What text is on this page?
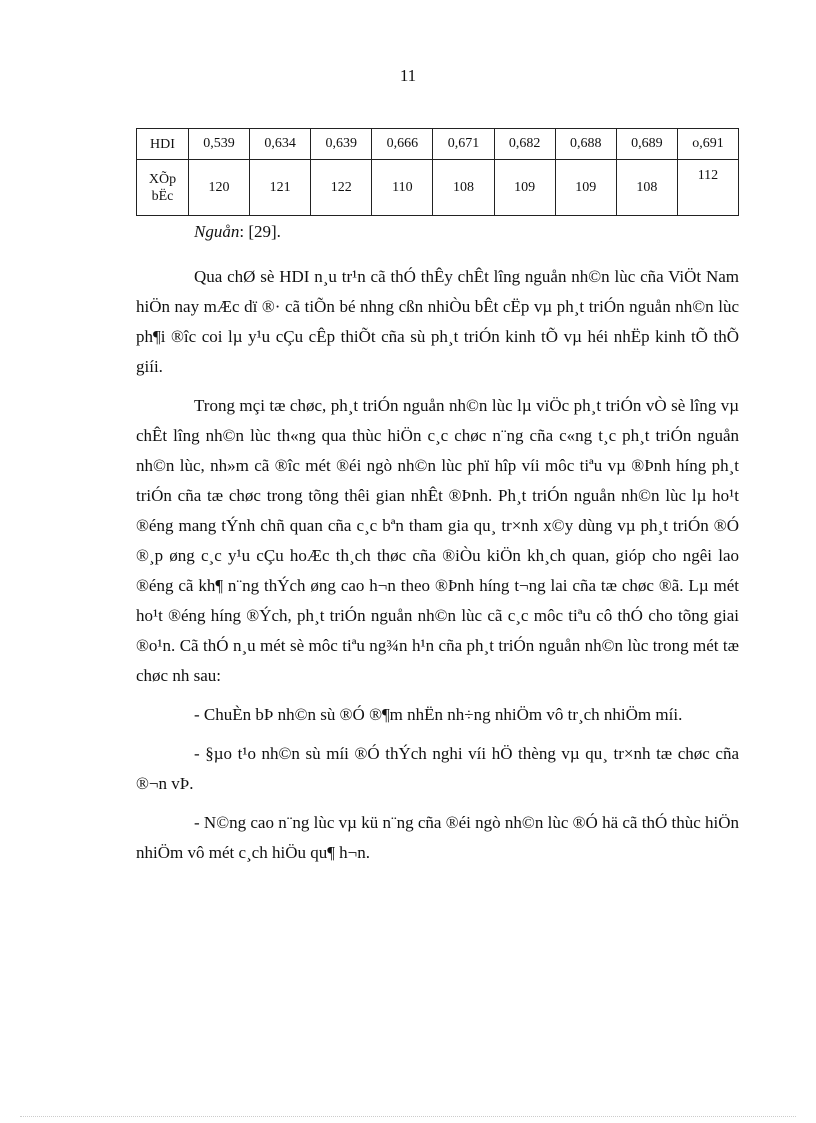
11
HDI	0,539	0,634	0,639	0,666	0,671	0,682	0,688	0,689	o,691
XÕp
bËc	120	121	122	110	108	109	109	108	112
Nguån: [29].

Qua chØ sè HDI n¸u tr¹n cã thÓ thÊy chÊt lîng nguån nh©n lùc cña ViÖt Nam hiÖn nay mÆc dï ®· cã tiÕn bé nhng cßn nhiÒu bÊt cËp vµ ph¸t triÓn nguån nh©n lùc ph¶i ®îc coi lµ y¹u cÇu cÊp thiÕt cña sù ph¸t triÓn kinh tÕ vµ héi nhËp kinh tÕ thÕ giíi.

Trong mçi tæ chøc, ph¸t triÓn nguån nh©n lùc lµ viÖc ph¸t triÓn vÒ sè lîng vµ chÊt lîng nh©n lùc th«ng qua thùc hiÖn c¸c chøc n¨ng cña c«ng t¸c ph¸t triÓn nguån nh©n lùc, nh»m cã ®îc mét ®éi ngò nh©n lùc phï hîp víi môc tiªu vµ ®Þnh híng ph¸t triÓn cña tæ chøc trong tõng thêi gian nhÊt ®Þnh. Ph¸t triÓn nguån nh©n lùc lµ ho¹t ®éng mang tÝnh chñ quan cña c¸c bªn tham gia qu¸ tr×nh x©y dùng vµ ph¸t triÓn ®Ó ®¸p øng c¸c y¹u cÇu hoÆc th¸ch thøc cña ®iÒu kiÖn kh¸ch quan, gióp cho ngêi lao ®éng cã kh¶ n¨ng thÝch øng cao h¬n theo ®Þnh híng t¬ng lai cña tæ chøc ®ã. Lµ mét ho¹t ®éng híng ®Ých, ph¸t triÓn nguån nh©n lùc cã c¸c môc tiªu cô thÓ cho tõng giai ®o¹n. Cã thÓ n¸u mét sè môc tiªu ng¾n h¹n cña ph¸t triÓn nguån nh©n lùc trong mét tæ chøc nh sau:

- ChuÈn bÞ nh©n sù ®Ó ®¶m nhËn nh÷ng nhiÖm vô tr¸ch nhiÖm míi.

- §µo t¹o nh©n sù míi ®Ó thÝch nghi víi hÖ thèng vµ qu¸ tr×nh tæ chøc cña ®¬n vÞ.

- N©ng cao n¨ng lùc vµ kü n¨ng cña ®éi ngò nh©n lùc ®Ó hä cã thÓ thùc hiÖn nhiÖm vô mét c¸ch hiÖu qu¶ h¬n.
